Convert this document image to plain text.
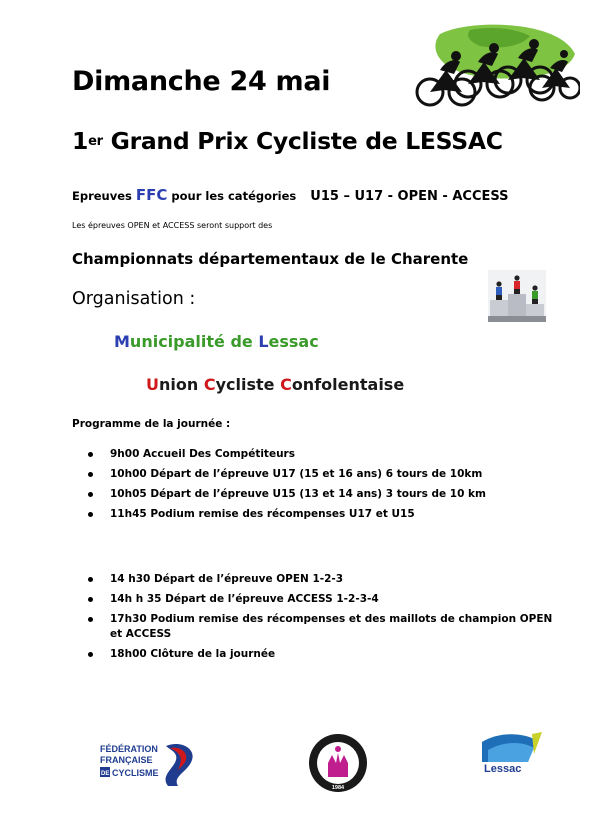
Dimanche 24 mai
1er Grand Prix Cycliste de LESSAC
Epreuves FFC pour les catégories U15 – U17 - OPEN - ACCESS
Les épreuves OPEN et ACCESS seront support des
Championnats départementaux de le Charente
Organisation :
Municipalité de Lessac
Union Cycliste Confolentaise
Programme de la journée :
9h00 Accueil Des Compétiteurs
10h00 Départ de l’épreuve U17 (15 et 16 ans) 6 tours de 10km
10h05 Départ de l’épreuve U15 (13 et 14 ans) 3 tours de 10 km
11h45 Podium remise des récompenses U17 et U15
14 h30 Départ de l’épreuve OPEN 1-2-3
14h h 35 Départ de l’épreuve ACCESS 1-2-3-4
17h30 Podium remise des récompenses et des maillots de champion OPEN et ACCESS
18h00 Clôture de la journée
FÉDÉRATION
FRANÇAISE
DE CYCLISME
1984
Lessac
